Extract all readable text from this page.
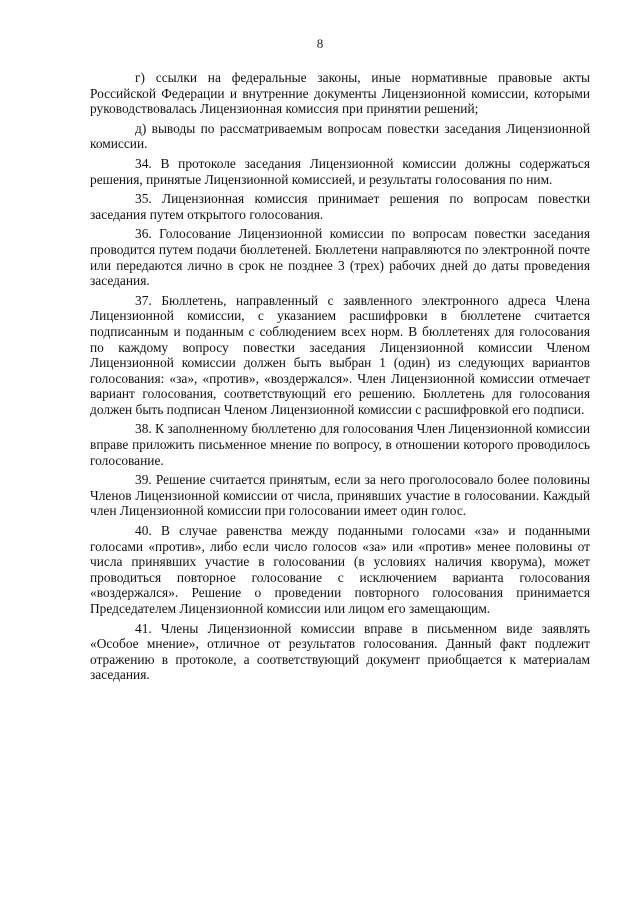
8

г) ссылки на федеральные законы, иные нормативные правовые акты Российской Федерации и внутренние документы Лицензионной комиссии, которыми руководствовалась Лицензионная комиссия при принятии решений;

д) выводы по рассматриваемым вопросам повестки заседания Лицензионной комиссии.

34. В протоколе заседания Лицензионной комиссии должны содержаться решения, принятые Лицензионной комиссией, и результаты голосования по ним.

35. Лицензионная комиссия принимает решения по вопросам повестки заседания путем открытого голосования.

36. Голосование Лицензионной комиссии по вопросам повестки заседания проводится путем подачи бюллетеней. Бюллетени направляются по электронной почте или передаются лично в срок не позднее 3 (трех) рабочих дней до даты проведения заседания.

37. Бюллетень, направленный с заявленного электронного адреса Члена Лицензионной комиссии, с указанием расшифровки в бюллетене считается подписанным и поданным с соблюдением всех норм. В бюллетенях для голосования по каждому вопросу повестки заседания Лицензионной комиссии Членом Лицензионной комиссии должен быть выбран 1 (один) из следующих вариантов голосования: «за», «против», «воздержался». Член Лицензионной комиссии отмечает вариант голосования, соответствующий его решению. Бюллетень для голосования должен быть подписан Членом Лицензионной комиссии с расшифровкой его подписи.

38. К заполненному бюллетеню для голосования Член Лицензионной комиссии вправе приложить письменное мнение по вопросу, в отношении которого проводилось голосование.

39. Решение считается принятым, если за него проголосовало более половины Членов Лицензионной комиссии от числа, принявших участие в голосовании. Каждый член Лицензионной комиссии при голосовании имеет один голос.

40. В случае равенства между поданными голосами «за» и поданными голосами «против», либо если число голосов «за» или «против» менее половины от числа принявших участие в голосовании (в условиях наличия кворума), может проводиться повторное голосование с исключением варианта голосования «воздержался». Решение о проведении повторного голосования принимается Председателем Лицензионной комиссии или лицом его замещающим.

41. Члены Лицензионной комиссии вправе в письменном виде заявлять «Особое мнение», отличное от результатов голосования. Данный факт подлежит отражению в протоколе, а соответствующий документ приобщается к материалам заседания.
